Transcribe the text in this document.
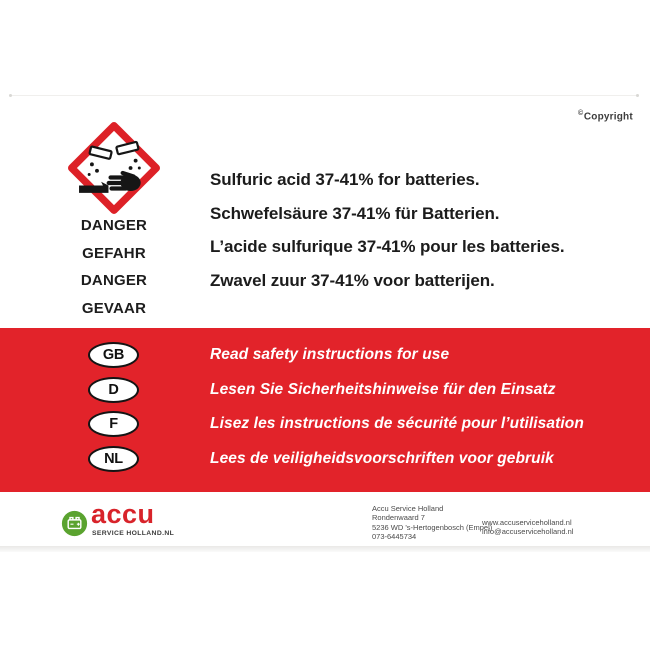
©Copyright
DANGER
GEFAHR
DANGER
GEVAAR
Sulfuric acid 37-41% for batteries.
Schwefelsäure 37-41% für Batterien.
L’acide sulfurique 37-41% pour les batteries.
Zwavel zuur 37-41% voor batterijen.
GB	Read safety instructions for use
D	Lesen Sie Sicherheitshinweise für den Einsatz
F	Lisez les instructions de sécurité pour l’utilisation
NL	Lees de veiligheidsvoorschriften voor gebruik
accu
SERVICE HOLLAND.NL
Accu Service Holland
Rondenwaard 7
5236 WD 's-Hertogenbosch (Empel)
073-6445734
www.accuserviceholland.nl
info@accuserviceholland.nl
